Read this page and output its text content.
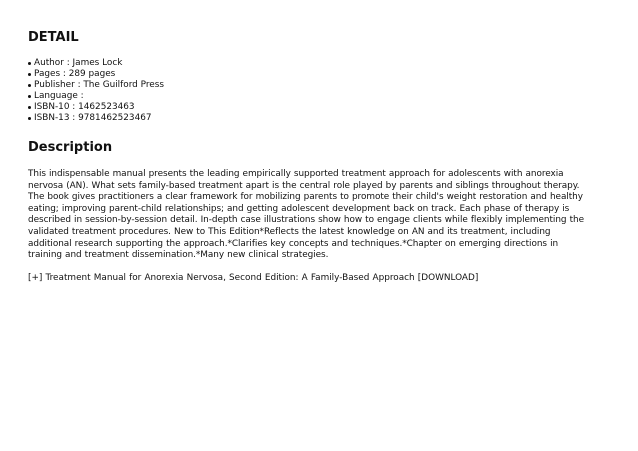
DETAIL
Author : James Lock
Pages : 289 pages
Publisher : The Guilford Press
Language :
ISBN-10 : 1462523463
ISBN-13 : 9781462523467
Description

This indispensable manual presents the leading empirically supported treatment approach for adolescents with anorexia
nervosa (AN). What sets family-based treatment apart is the central role played by parents and siblings throughout therapy.
The book gives practitioners a clear framework for mobilizing parents to promote their child's weight restoration and healthy
eating; improving parent-child relationships; and getting adolescent development back on track. Each phase of therapy is
described in session-by-session detail. In-depth case illustrations show how to engage clients while flexibly implementing the
validated treatment procedures. New to This Edition*Reflects the latest knowledge on AN and its treatment, including
additional research supporting the approach.*Clarifies key concepts and techniques.*Chapter on emerging directions in
training and treatment dissemination.*Many new clinical strategies.

[+] Treatment Manual for Anorexia Nervosa, Second Edition: A Family-Based Approach [DOWNLOAD]
